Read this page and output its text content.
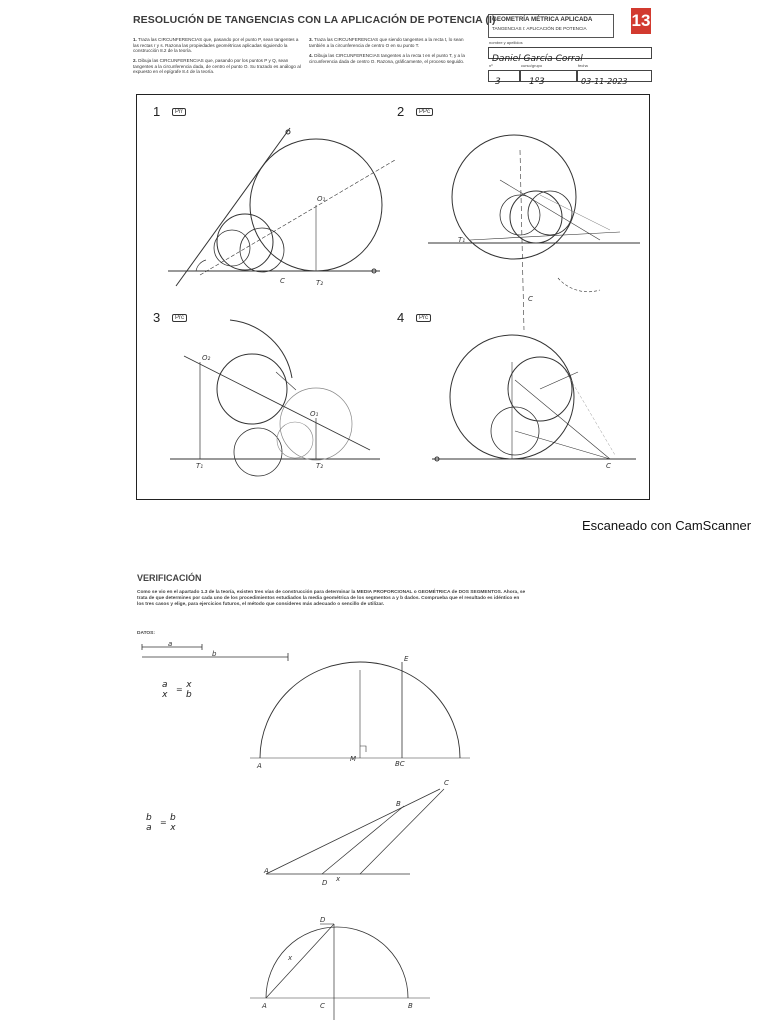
RESOLUCIÓN DE TANGENCIAS CON LA APLICACIÓN DE POTENCIA (I)
1. Traza las CIRCUNFERENCIAS que, pasando por el punto P, sean tangentes a las rectas r y s. Razona las propiedades geométricas aplicadas siguiendo la construcción 8.2 de la teoría.
2. Dibuja las CIRCUNFERENCIAS que, pasando por los puntos P y Q, sean tangentes a la circunferencia dada, de centro el punto O. Su trazado es análogo al expuesto en el epígrafe 8.4 de la teoría.
3. Traza las CIRCUNFERENCIAS que siendo tangentes a la recta t, lo sean también a la circunferencia de centro O en su punto T.
4. Dibuja las CIRCUNFERENCIAS tangentes a la recta t en el punto T, y a la circunferencia dada de centro O. Razona, gráficamente, el proceso seguido.
GEOMETRÍA MÉTRICA APLICADA
TANGENCIAS I: APLICACIÓN DE POTENCIA	13
nombre y apellidos
Daniel García Corral
nº	curso/grupo	fecha
3	1º3	03-11-2023
1	Prr	2	PPc
3	Prc	4	Prc
O₁
C	T₂
T₁
C
O₂
O₁
T₁	T₂	C
a
b
A
M
E
BC
A
B
C
x
D
A	C	B
D
x
Escaneado con CamScanner
VERIFICACIÓN
Como se vio en el apartado 1.3 de la teoría, existen tres vías de construcción para determinar la MEDIA PROPORCIONAL o GEOMÉTRICA de DOS SEGMENTOS. Ahora, se trata de que determines por cada uno de los procedimientos estudiados la media geométrica de los segmentos a y b dados. Comprueba que el resultado es idéntico en los tres casos y elige, para ejercicios futuros, el método que consideres más adecuado o sencillo de utilizar.
DATOS:
a
x
= x
b
b
a
= b
x
